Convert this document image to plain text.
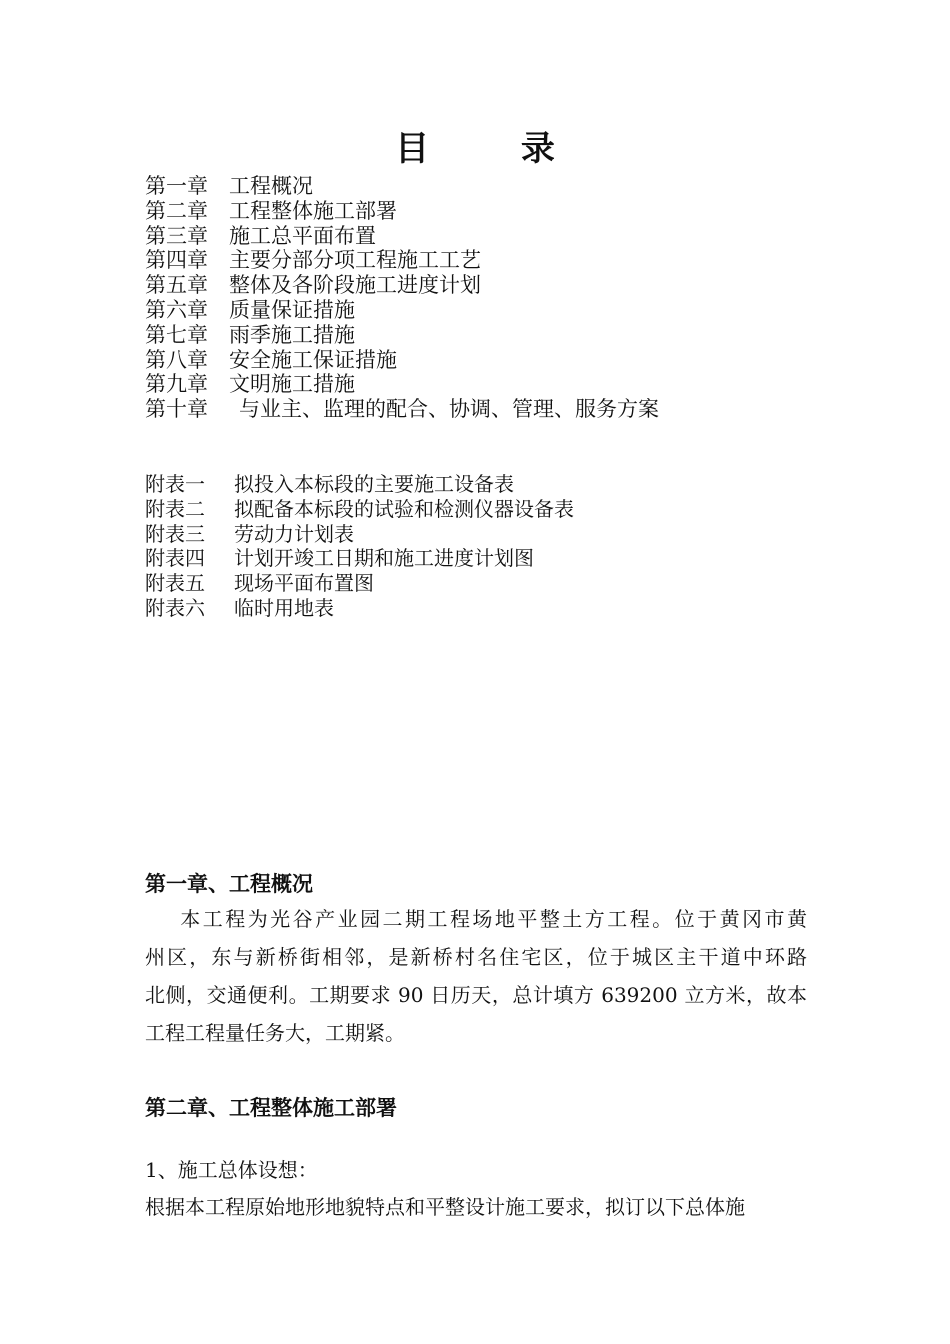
目 录
第一章 工程概况
第二章 工程整体施工部署
第三章 施工总平面布置
第四章 主要分部分项工程施工工艺
第五章 整体及各阶段施工进度计划
第六章 质量保证措施
第七章 雨季施工措施
第八章 安全施工保证措施
第九章 文明施工措施
第十章 与业主、监理的配合、协调、管理、服务方案
附表一 拟投入本标段的主要施工设备表
附表二 拟配备本标段的试验和检测仪器设备表
附表三 劳动力计划表
附表四 计划开竣工日期和施工进度计划图
附表五 现场平面布置图
附表六 临时用地表
第一章、工程概况
本工程为光谷产业园二期工程场地平整土方工程。位于黄冈市黄
州区，东与新桥街相邻，是新桥村名住宅区，位于城区主干道中环路
北侧，交通便利。工期要求 90 日历天，总计填方 639200 立方米，故本
工程工程量任务大，工期紧。
第二章、工程整体施工部署
1、施工总体设想：
根据本工程原始地形地貌特点和平整设计施工要求，拟订以下总体施
